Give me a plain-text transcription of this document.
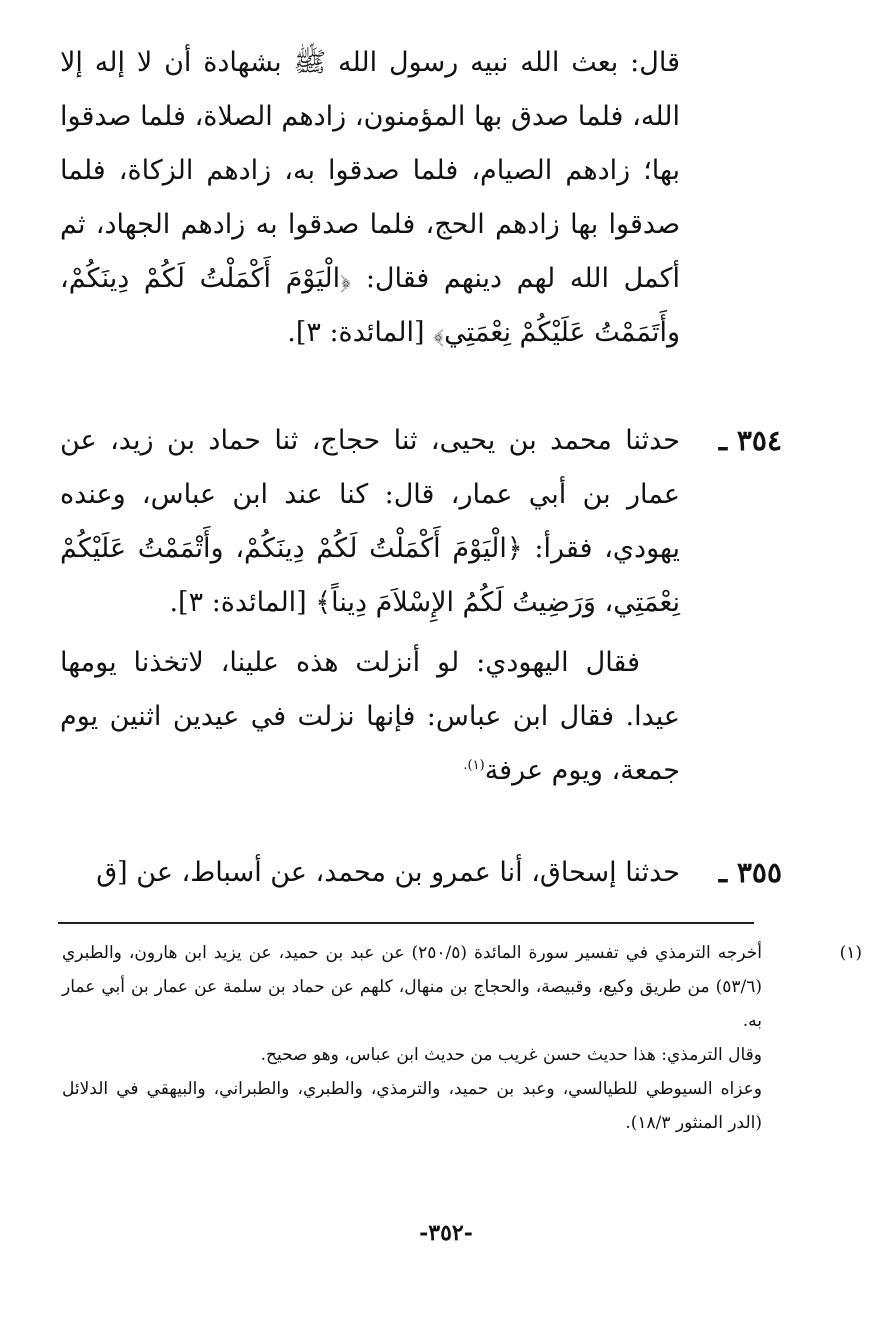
قال: بعث الله نبيه رسول الله ﷺ بشهادة أن لا إله إلا الله، فلما صدق بها المؤمنون، زادهم الصلاة، فلما صدقوا بها؛ زادهم الصيام، فلما صدقوا به، زادهم الزكاة، فلما صدقوا بها زادهم الحج، فلما صدقوا به زادهم الجهاد، ثم أكمل الله لهم دينهم فقال: ﴿الْيَوْمَ أَكْمَلْتُ لَكُمْ دِينَكُمْ، وأَتَمَمْتُ عَلَيْكُمْ نِعْمَتِي﴾ [المائدة: ٣].

٣٥٤ ـ

حدثنا محمد بن يحيى، ثنا حجاج، ثنا حماد بن زيد، عن عمار بن أبي عمار، قال: كنا عند ابن عباس، وعنده يهودي، فقرأ: ﴿الْيَوْمَ أَكْمَلْتُ لَكُمْ دِينَكُمْ، وأَتْمَمْتُ عَلَيْكُمْ نِعْمَتِي، وَرَضِيتُ لَكُمُ الإِسْلاَمَ دِيناً﴾ [المائدة: ٣].

فقال اليهودي: لو أنزلت هذه علينا، لاتخذنا يومها عيدا. فقال ابن عباس: فإنها نزلت في عيدين اثنين يوم جمعة، ويوم عرفة$^{(١).}$

٣٥٥ ـ

حدثنا إسحاق، أنا عمرو بن محمد، عن أسباط، عن [ق

(١)

أخرجه الترمذي في تفسير سورة المائدة (٢٥٠/٥) عن عبد بن حميد، عن يزيد ابن هارون، والطبري (٥٣/٦) من طريق وكيع، وقبيصة، والحجاج بن منهال، كلهم عن حماد بن سلمة عن عمار بن أبي عمار به.

وقال الترمذي: هذا حديث حسن غريب من حديث ابن عباس، وهو صحيح.

وعزاه السيوطي للطيالسي، وعبد بن حميد، والترمذي، والطبري، والطبراني، والبيهقي في الدلائل (الدر المنثور ١٨/٣).

-٣٥٢-
